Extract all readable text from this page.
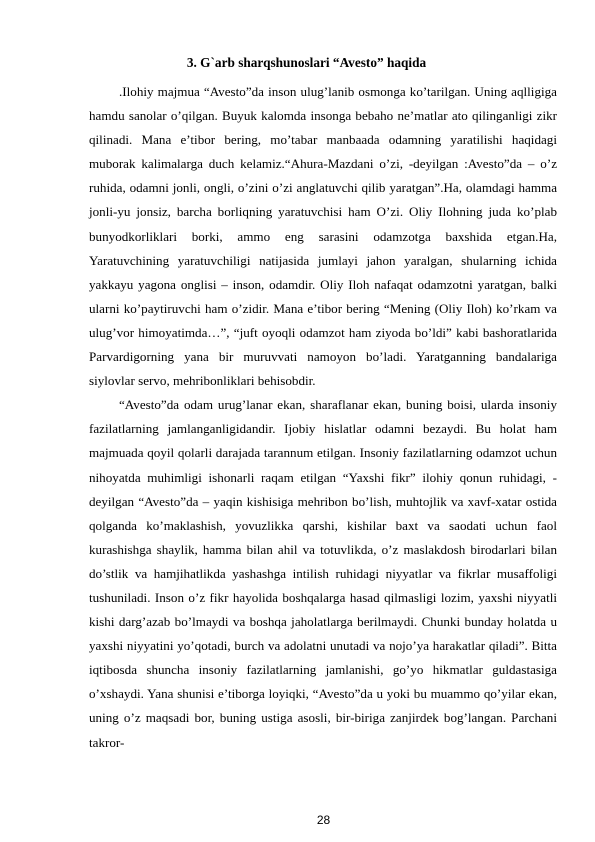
3. G`arb sharqshunoslari “Avesto” haqida

.Ilohiy majmua “Avesto”da inson ulug’lanib osmonga ko’tarilgan. Uning aqlligiga hamdu sanolar o’qilgan. Buyuk kalomda insonga bebaho ne’matlar ato qilinganligi zikr qilinadi. Mana e’tibor bering, mo’tabar manbaada odamning yaratilishi haqidagi muborak kalimalarga duch kelamiz.“Ahura-Mazdani o’zi, -deyilgan :Avesto”da – o’z ruhida, odamni jonli, ongli, o’zini o’zi anglatuvchi qilib yaratgan”.Ha, olamdagi hamma jonli-yu jonsiz, barcha borliqning yaratuvchisi ham O’zi. Oliy Ilohning juda ko’plab bunyodkorliklari borki, ammo eng sarasini odamzotga baxshida etgan.Ha, Yaratuvchining yaratuvchiligi natijasida jumlayi jahon yaralgan, shularning ichida yakkayu yagona onglisi – inson, odamdir. Oliy Iloh nafaqat odamzotni yaratgan, balki ularni ko’paytiruvchi ham o’zidir. Mana e’tibor bering “Mening (Oliy Iloh) ko’rkam va ulug’vor himoyatimda…”, “juft oyoqli odamzot ham ziyoda bo’ldi” kabi bashoratlarida Parvardigorning yana bir muruvvati namoyon bo’ladi. Yaratganning bandalariga siylovlar servo, mehribonliklari behisobdir.

“Avesto”da odam urug’lanar ekan, sharaflanar ekan, buning boisi, ularda insoniy fazilatlarning jamlanganligidandir. Ijobiy hislatlar odamni bezaydi. Bu holat ham majmuada qoyil qolarli darajada tarannum etilgan. Insoniy fazilatlarning odamzot uchun nihoyatda muhimligi ishonarli raqam etilgan “Yaxshi fikr” ilohiy qonun ruhidagi, -deyilgan “Avesto”da – yaqin kishisiga mehribon bo’lish, muhtojlik va xavf-xatar ostida qolganda ko’maklashish, yovuzlikka qarshi, kishilar baxt va saodati uchun faol kurashishga shaylik, hamma bilan ahil va totuvlikda, o’z maslakdosh birodarlari bilan do’stlik va hamjihatlikda yashashga intilish ruhidagi niyyatlar va fikrlar musaffoligi tushuniladi. Inson o’z fikr hayolida boshqalarga hasad qilmasligi lozim, yaxshi niyyatli kishi darg’azab bo’lmaydi va boshqa jaholatlarga berilmaydi. Chunki bunday holatda u yaxshi niyyatini yo’qotadi, burch va adolatni unutadi va nojo’ya harakatlar qiladi”. Bitta iqtibosda shuncha insoniy fazilatlarning jamlanishi, go’yo hikmatlar guldastasiga o’xshaydi. Yana shunisi e’tiborga loyiqki, “Avesto”da u yoki bu muammo qo’yilar ekan, uning o’z maqsadi bor, buning ustiga asosli, bir-biriga zanjirdek bog’langan. Parchani takror-

28
